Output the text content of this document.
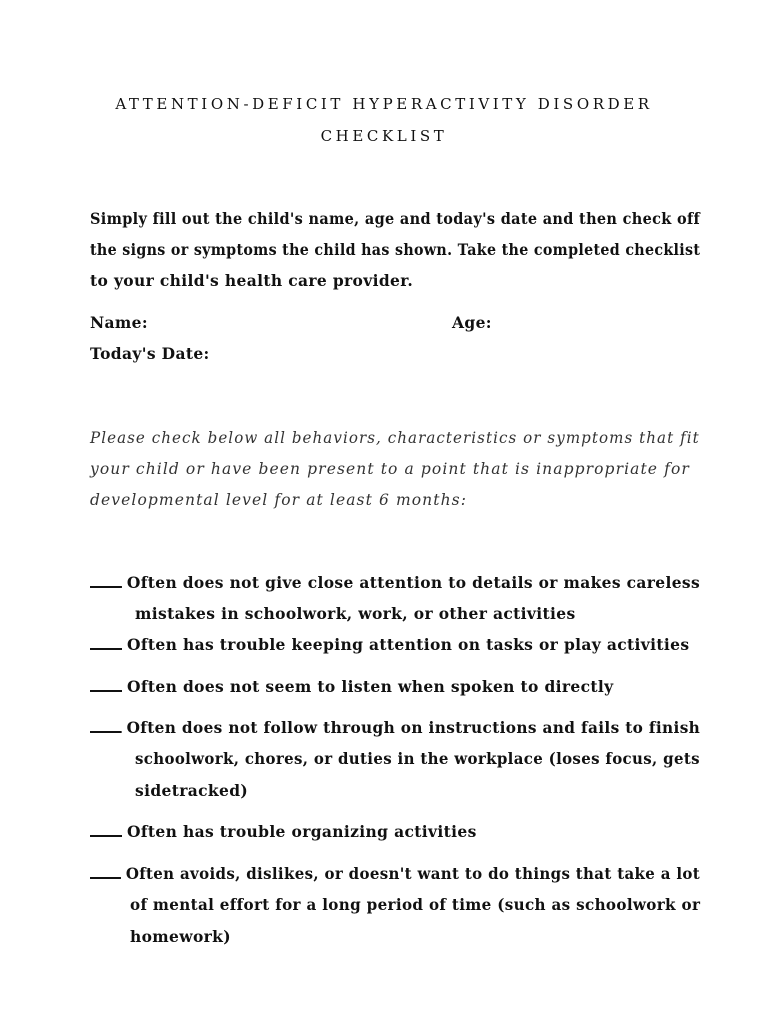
ATTENTION-DEFICIT HYPERACTIVITY DISORDER
CHECKLIST
Simply fill out the child's name, age and today's date and then check off
the signs or symptoms the child has shown. Take the completed checklist
to your child's health care provider.
Name:	Age:
Today's Date:
Please check below all behaviors, characteristics or symptoms that fit
your child or have been present to a point that is inappropriate for
developmental level for at least 6 months:
Often does not give close attention to details or makes careless
mistakes in schoolwork, work, or other activities
Often has trouble keeping attention on tasks or play activities
Often does not seem to listen when spoken to directly
Often does not follow through on instructions and fails to finish
schoolwork, chores, or duties in the workplace (loses focus, gets
sidetracked)
Often has trouble organizing activities
Often avoids, dislikes, or doesn't want to do things that take a lot
of mental effort for a long period of time (such as schoolwork or
homework)
